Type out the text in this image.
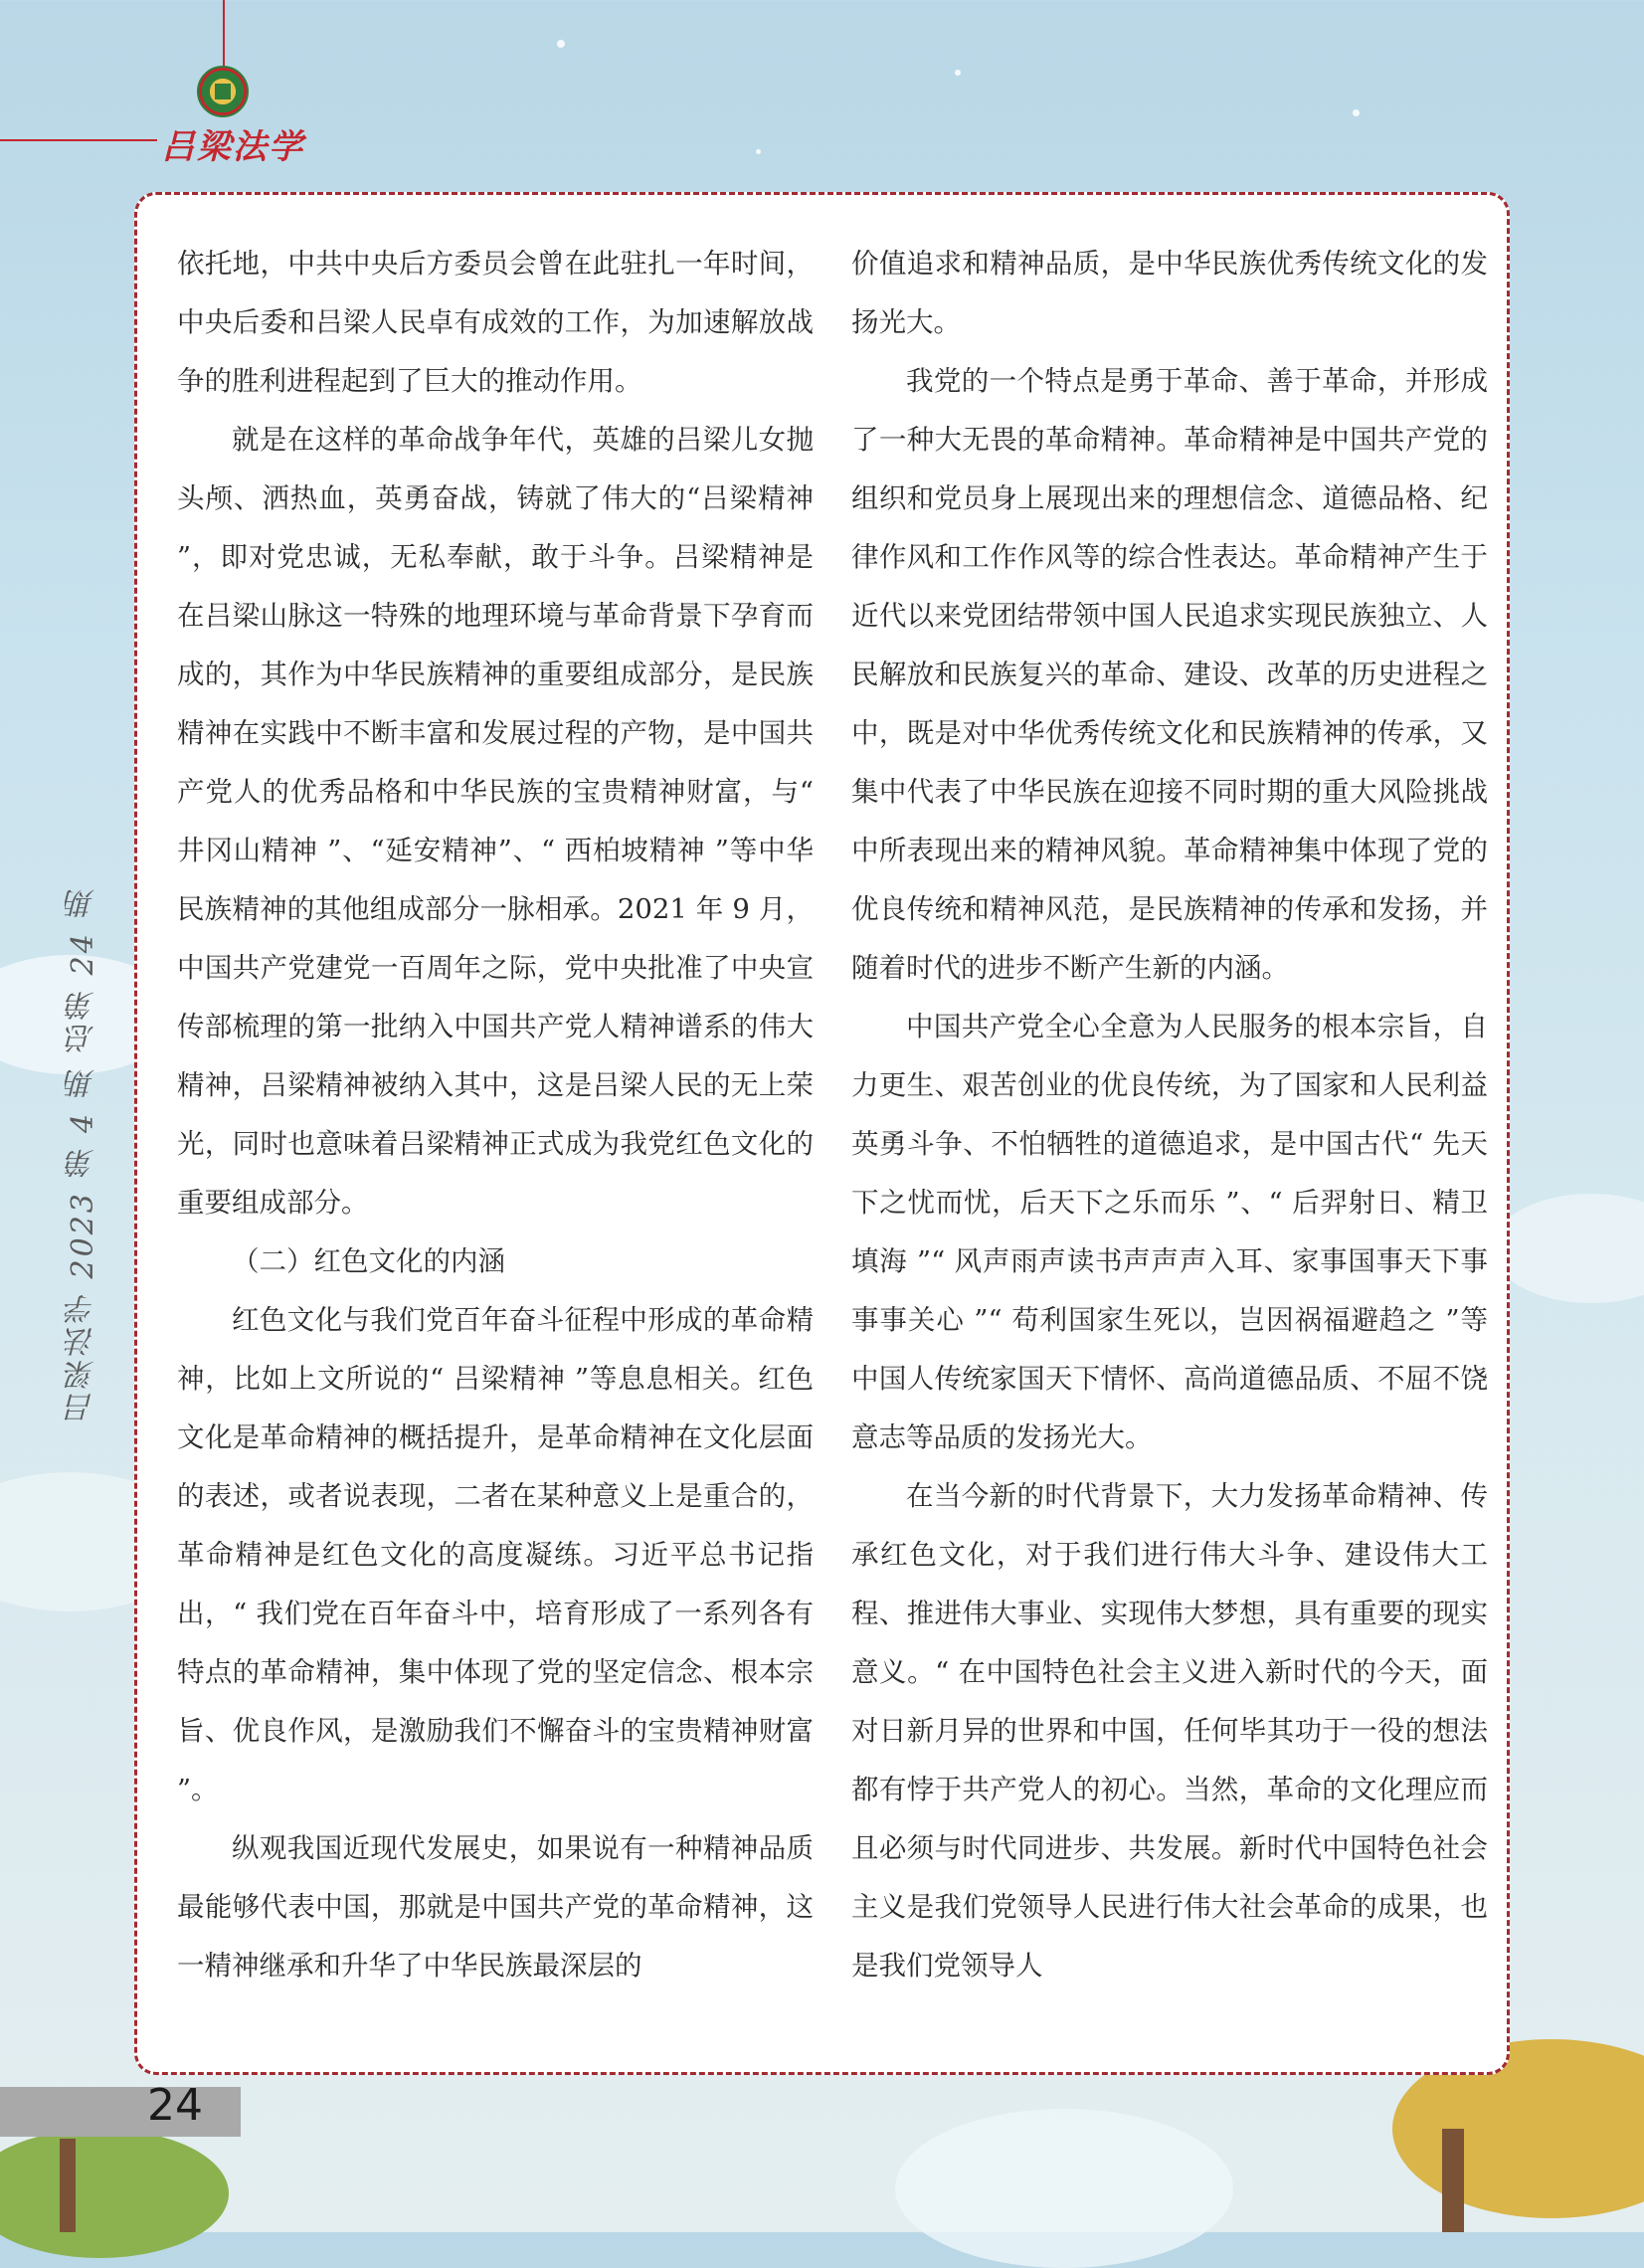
吕梁法学
吕梁法学 2023 第 4 期 总第 24 期

依托地，中共中央后方委员会曾在此驻扎一年时间，中央后委和吕梁人民卓有成效的工作，为加速解放战争的胜利进程起到了巨大的推动作用。

就是在这样的革命战争年代，英雄的吕梁儿女抛头颅、洒热血，英勇奋战，铸就了伟大的“吕梁精神 ”，即对党忠诚，无私奉献，敢于斗争。吕梁精神是在吕梁山脉这一特殊的地理环境与革命背景下孕育而成的，其作为中华民族精神的重要组成部分，是民族精神在实践中不断丰富和发展过程的产物，是中国共产党人的优秀品格和中华民族的宝贵精神财富，与“ 井冈山精神 ”、“延安精神”、“ 西柏坡精神 ”等中华民族精神的其他组成部分一脉相承。2021 年 9 月，中国共产党建党一百周年之际，党中央批准了中央宣传部梳理的第一批纳入中国共产党人精神谱系的伟大精神，吕梁精神被纳入其中，这是吕梁人民的无上荣光，同时也意味着吕梁精神正式成为我党红色文化的重要组成部分。

（二）红色文化的内涵

红色文化与我们党百年奋斗征程中形成的革命精神，比如上文所说的“ 吕梁精神 ”等息息相关。红色文化是革命精神的概括提升，是革命精神在文化层面的表述，或者说表现，二者在某种意义上是重合的，革命精神是红色文化的高度凝练。习近平总书记指出，“ 我们党在百年奋斗中，培育形成了一系列各有特点的革命精神，集中体现了党的坚定信念、根本宗旨、优良作风，是激励我们不懈奋斗的宝贵精神财富 ”。

纵观我国近现代发展史，如果说有一种精神品质最能够代表中国，那就是中国共产党的革命精神，这一精神继承和升华了中华民族最深层的

价值追求和精神品质，是中华民族优秀传统文化的发扬光大。

我党的一个特点是勇于革命、善于革命，并形成了一种大无畏的革命精神。革命精神是中国共产党的组织和党员身上展现出来的理想信念、道德品格、纪律作风和工作作风等的综合性表达。革命精神产生于近代以来党团结带领中国人民追求实现民族独立、人民解放和民族复兴的革命、建设、改革的历史进程之中，既是对中华优秀传统文化和民族精神的传承，又集中代表了中华民族在迎接不同时期的重大风险挑战中所表现出来的精神风貌。革命精神集中体现了党的优良传统和精神风范，是民族精神的传承和发扬，并随着时代的进步不断产生新的内涵。

中国共产党全心全意为人民服务的根本宗旨，自力更生、艰苦创业的优良传统，为了国家和人民利益英勇斗争、不怕牺牲的道德追求，是中国古代“ 先天下之忧而忧，后天下之乐而乐 ”、“ 后羿射日、精卫填海 ”“ 风声雨声读书声声声入耳、家事国事天下事事事关心 ”“ 苟利国家生死以，岂因祸福避趋之 ”等中国人传统家国天下情怀、高尚道德品质、不屈不饶意志等品质的发扬光大。

在当今新的时代背景下，大力发扬革命精神、传承红色文化，对于我们进行伟大斗争、建设伟大工程、推进伟大事业、实现伟大梦想，具有重要的现实意义。“ 在中国特色社会主义进入新时代的今天，面对日新月异的世界和中国，任何毕其功于一役的想法都有悖于共产党人的初心。当然，革命的文化理应而且必须与时代同进步、共发展。新时代中国特色社会主义是我们党领导人民进行伟大社会革命的成果，也是我们党领导人

24
